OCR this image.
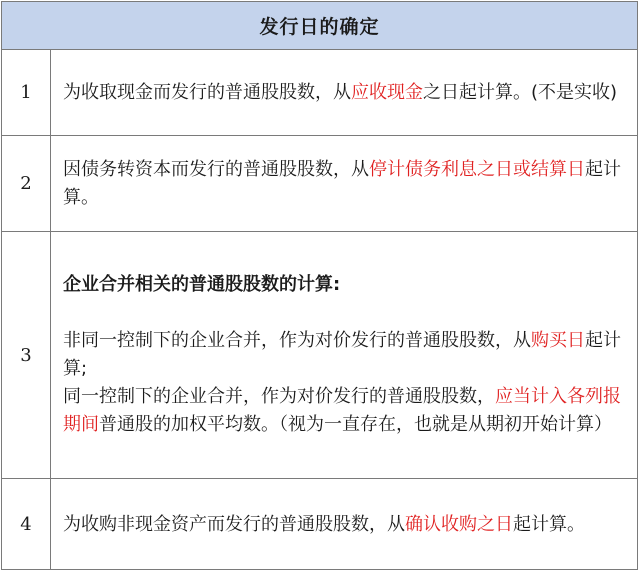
发行日的确定
1	为收取现金而发行的普通股股数，从应收现金之日起计算。(不是实收)

2

因债务转资本而发行的普通股股数，从停计债务利息之日或结算日起计算。

3

企业合并相关的普通股股数的计算:

非同一控制下的企业合并，作为对价发行的普通股股数，从购买日起计算;

同一控制下的企业合并，作为对价发行的普通股股数，应当计入各列报期间普通股的加权平均数。（视为一直存在，也就是从期初开始计算）

4	为收购非现金资产而发行的普通股股数，从确认收购之日起计算。
